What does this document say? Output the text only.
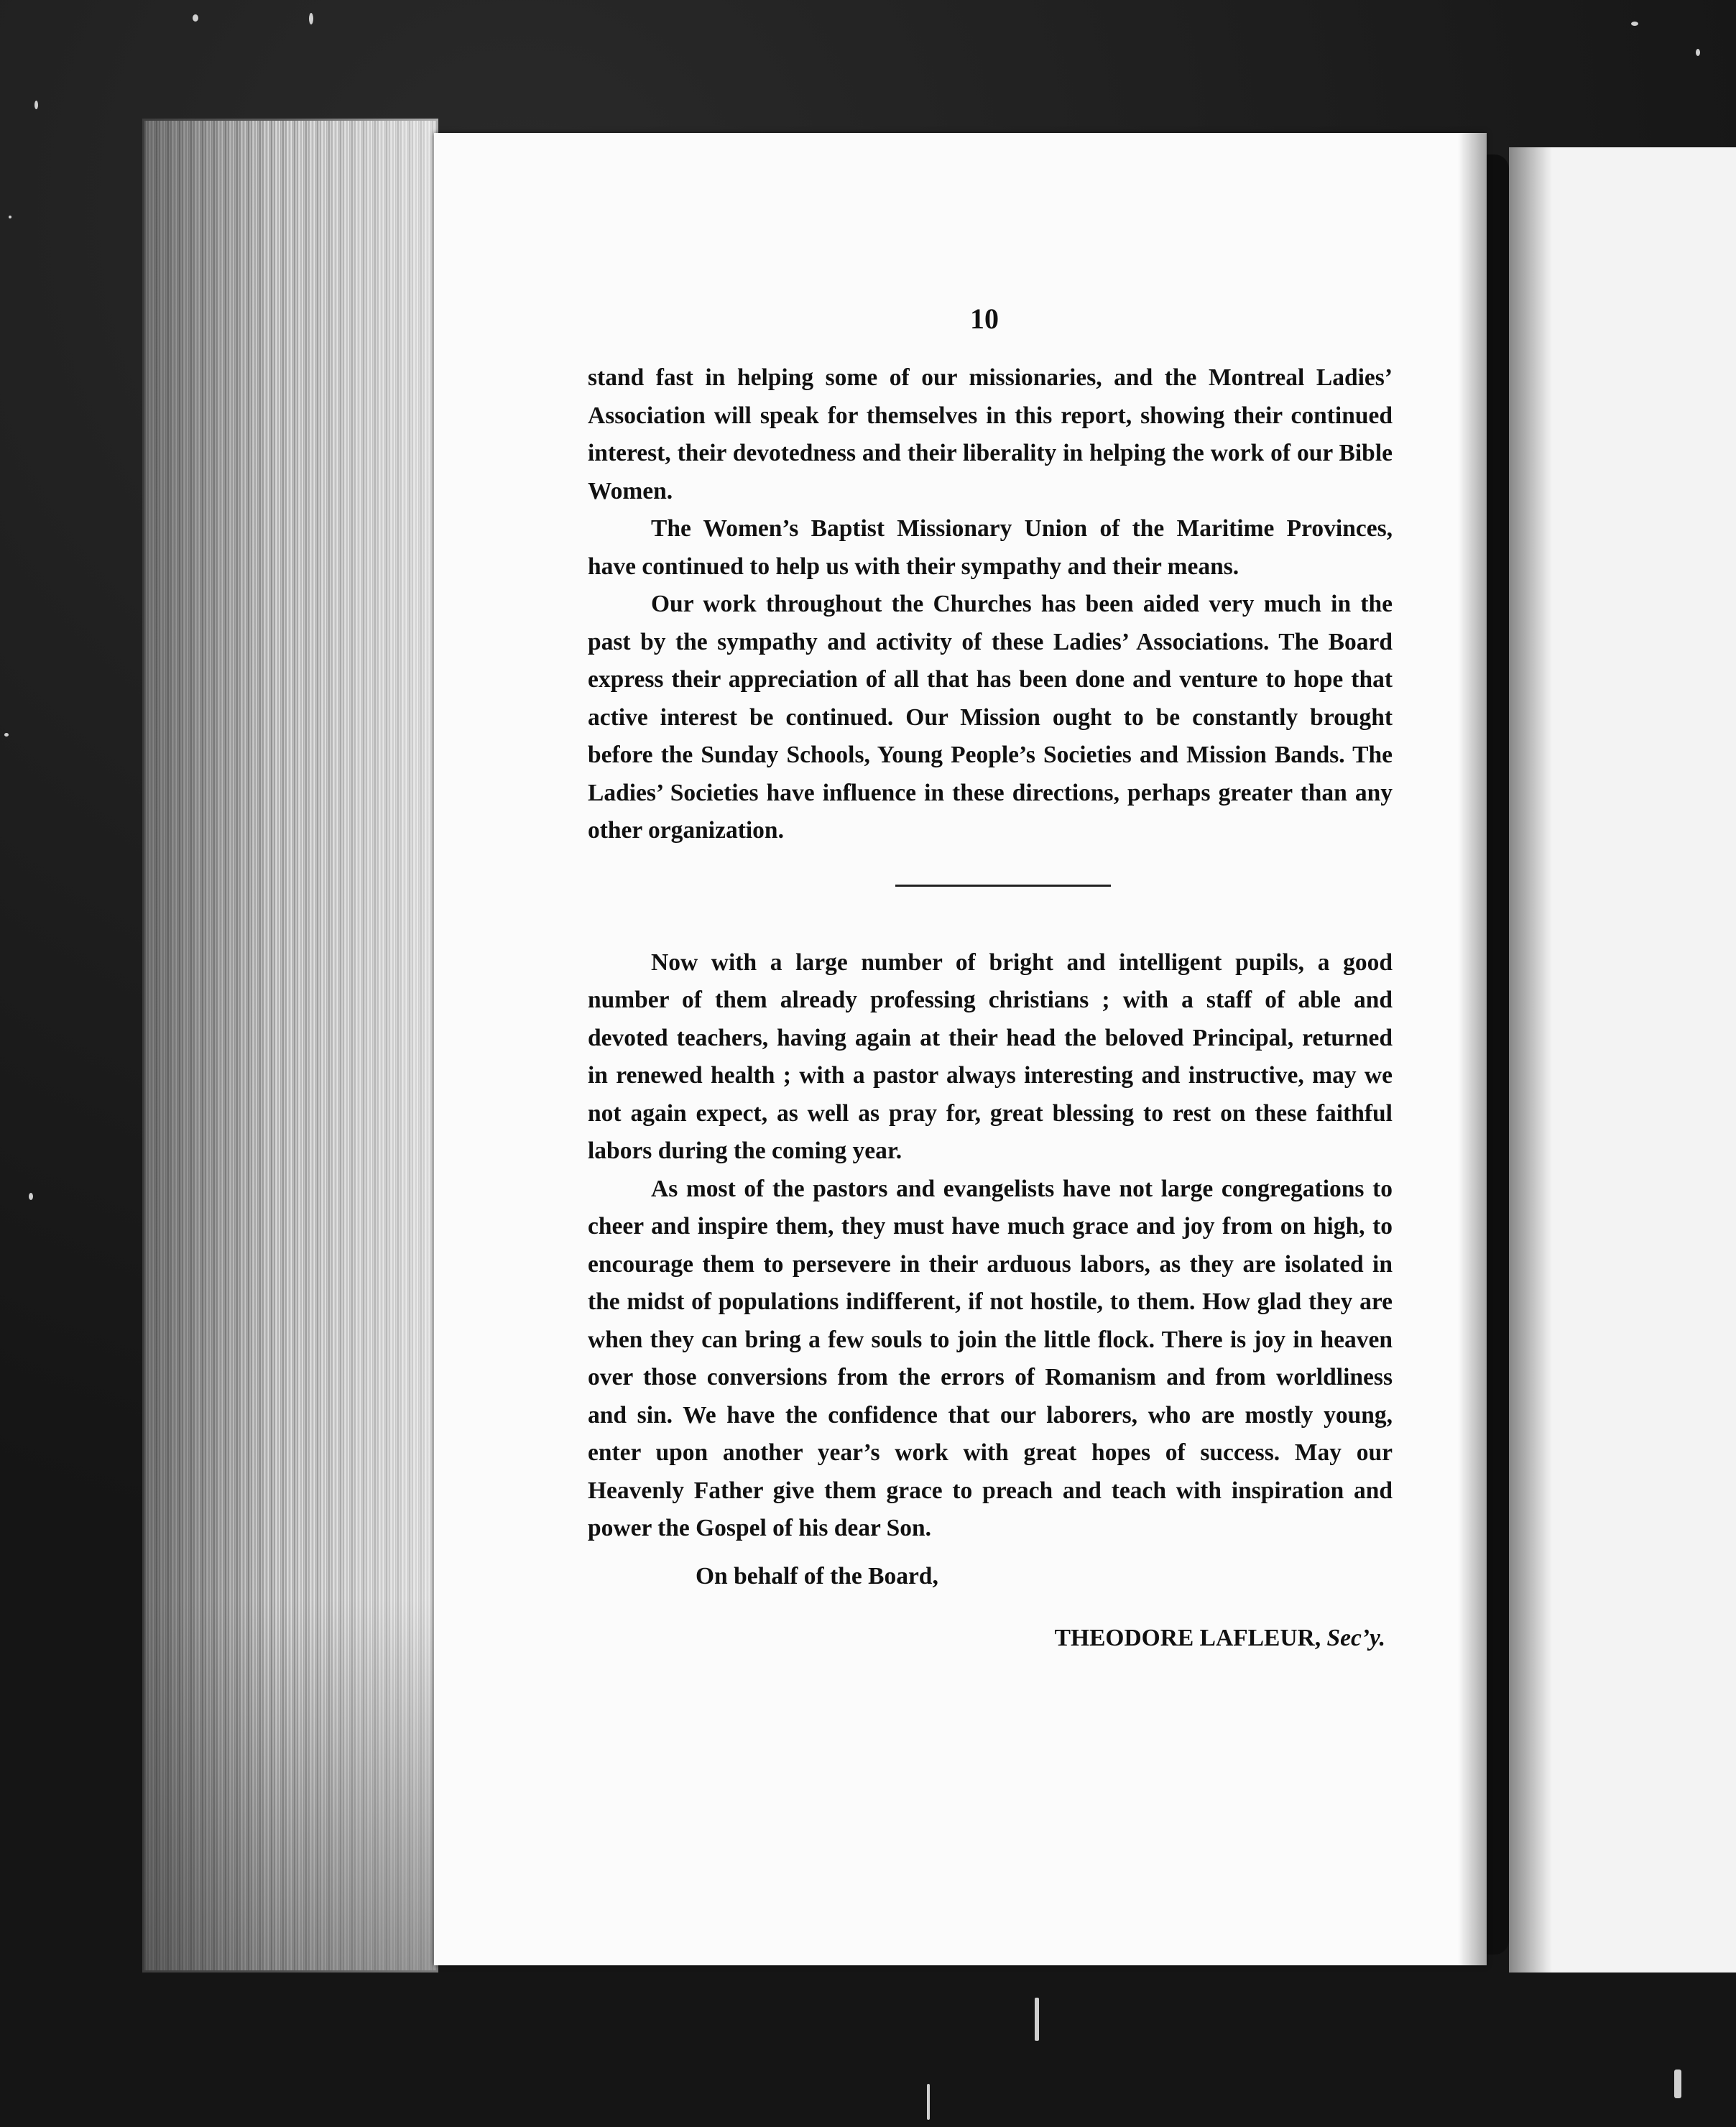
10

stand fast in helping some of our missionaries, and the Montreal Ladies’ Association will speak for themselves in this report, showing their continued interest, their devotedness and their liberality in helping the work of our Bible Women.

The Women’s Baptist Missionary Union of the Maritime Provinces, have continued to help us with their sympathy and their means.

Our work throughout the Churches has been aided very much in the past by the sympathy and activity of these Ladies’ Associations. The Board express their appreciation of all that has been done and venture to hope that active interest be continued. Our Mission ought to be constantly brought before the Sunday Schools, Young People’s Societies and Mission Bands. The Ladies’ Societies have influence in these directions, perhaps greater than any other organization.

Now with a large number of bright and intelligent pupils, a good number of them already professing christians ; with a staff of able and devoted teachers, having again at their head the beloved Principal, returned in renewed health ; with a pastor always interesting and instructive, may we not again expect, as well as pray for, great blessing to rest on these faithful labors during the coming year.

As most of the pastors and evangelists have not large congregations to cheer and inspire them, they must have much grace and joy from on high, to encourage them to persevere in their arduous labors, as they are isolated in the midst of populations indifferent, if not hostile, to them. How glad they are when they can bring a few souls to join the little flock. There is joy in heaven over those conversions from the errors of Romanism and from worldliness and sin. We have the confidence that our laborers, who are mostly young, enter upon another year’s work with great hopes of success. May our Heavenly Father give them grace to preach and teach with inspiration and power the Gospel of his dear Son.

On behalf of the Board,

THEODORE LAFLEUR, Sec’y.
